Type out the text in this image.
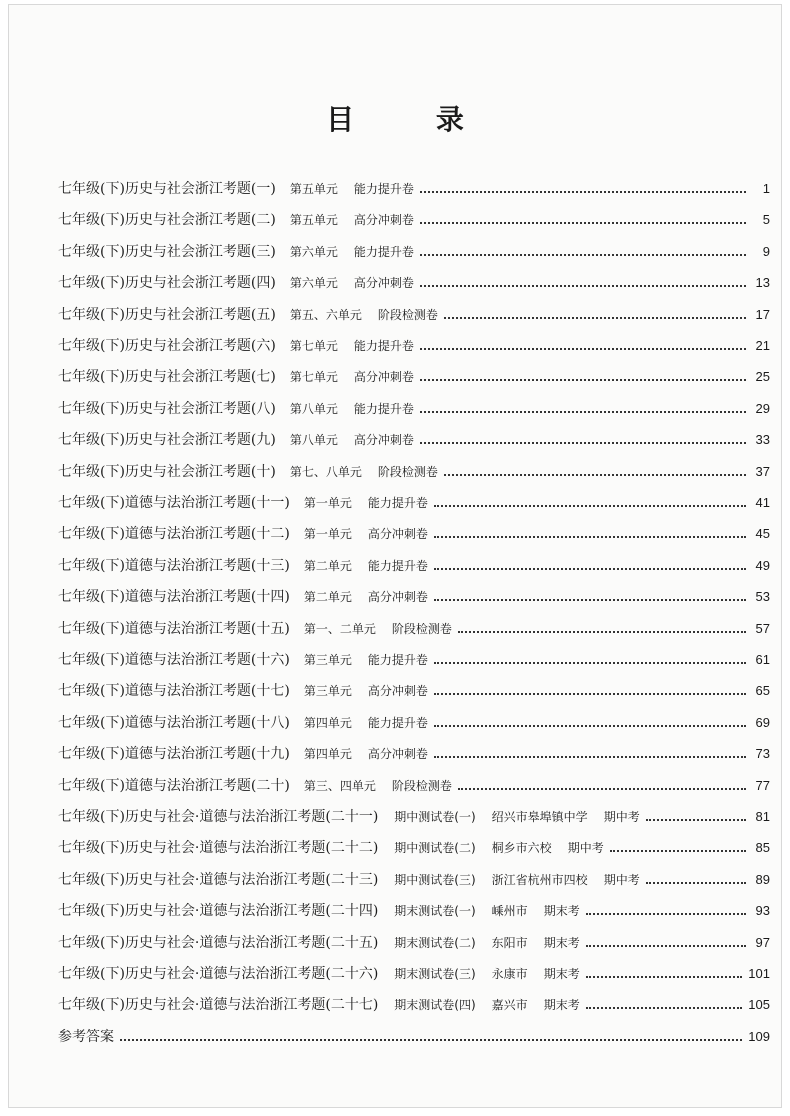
目 录
七年级(下)历史与社会浙江考题(一) 第五单元 能力提升卷	1
七年级(下)历史与社会浙江考题(二) 第五单元 高分冲刺卷	5
七年级(下)历史与社会浙江考题(三) 第六单元 能力提升卷	9
七年级(下)历史与社会浙江考题(四) 第六单元 高分冲刺卷	13
七年级(下)历史与社会浙江考题(五) 第五、六单元 阶段检测卷	17
七年级(下)历史与社会浙江考题(六) 第七单元 能力提升卷	21
七年级(下)历史与社会浙江考题(七) 第七单元 高分冲刺卷	25
七年级(下)历史与社会浙江考题(八) 第八单元 能力提升卷	29
七年级(下)历史与社会浙江考题(九) 第八单元 高分冲刺卷	33
七年级(下)历史与社会浙江考题(十) 第七、八单元 阶段检测卷	37
七年级(下)道德与法治浙江考题(十一) 第一单元 能力提升卷	41
七年级(下)道德与法治浙江考题(十二) 第一单元 高分冲刺卷	45
七年级(下)道德与法治浙江考题(十三) 第二单元 能力提升卷	49
七年级(下)道德与法治浙江考题(十四) 第二单元 高分冲刺卷	53
七年级(下)道德与法治浙江考题(十五) 第一、二单元 阶段检测卷	57
七年级(下)道德与法治浙江考题(十六) 第三单元 能力提升卷	61
七年级(下)道德与法治浙江考题(十七) 第三单元 高分冲刺卷	65
七年级(下)道德与法治浙江考题(十八) 第四单元 能力提升卷	69
七年级(下)道德与法治浙江考题(十九) 第四单元 高分冲刺卷	73
七年级(下)道德与法治浙江考题(二十) 第三、四单元 阶段检测卷	77
七年级(下)历史与社会·道德与法治浙江考题(二十一) 期中测试卷(一) 绍兴市皋埠镇中学 期中考	81
七年级(下)历史与社会·道德与法治浙江考题(二十二) 期中测试卷(二) 桐乡市六校 期中考	85
七年级(下)历史与社会·道德与法治浙江考题(二十三) 期中测试卷(三) 浙江省杭州市四校 期中考	89
七年级(下)历史与社会·道德与法治浙江考题(二十四) 期末测试卷(一) 嵊州市 期末考	93
七年级(下)历史与社会·道德与法治浙江考题(二十五) 期末测试卷(二) 东阳市 期末考	97
七年级(下)历史与社会·道德与法治浙江考题(二十六) 期末测试卷(三) 永康市 期末考	101
七年级(下)历史与社会·道德与法治浙江考题(二十七) 期末测试卷(四) 嘉兴市 期末考	105
参考答案	109
